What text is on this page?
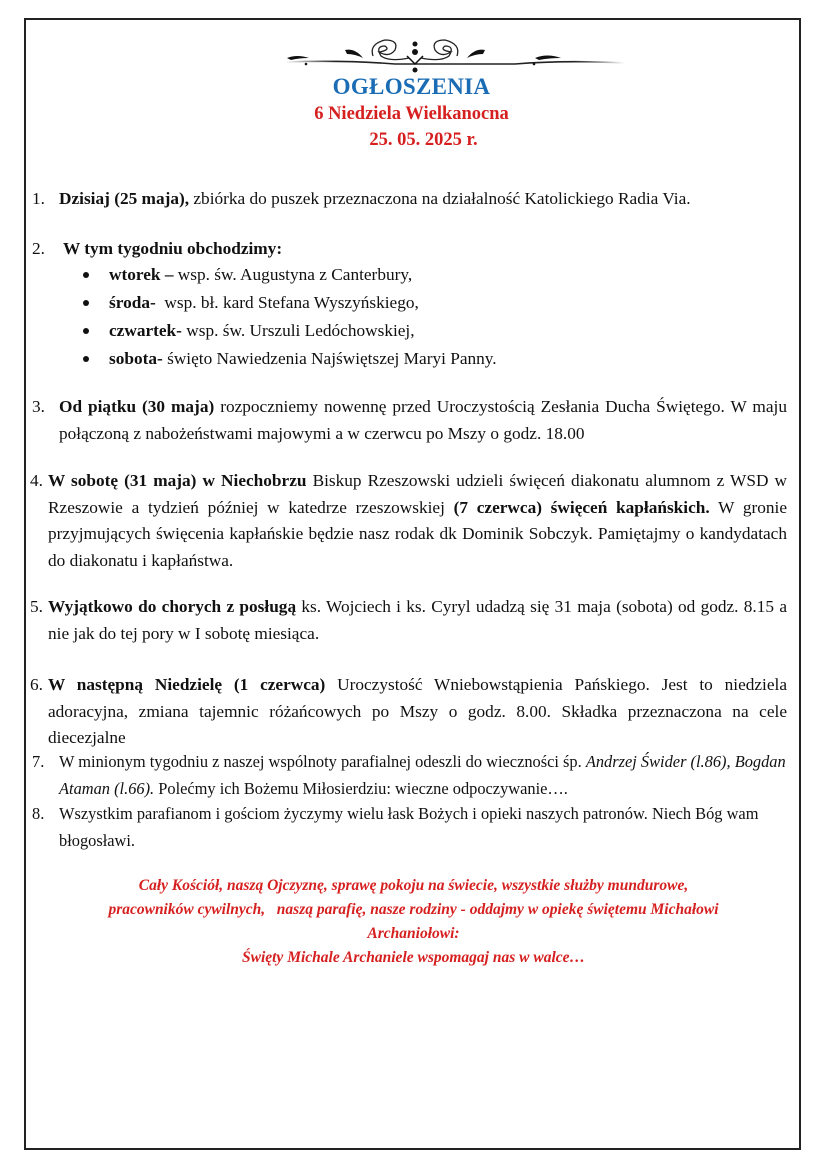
OGŁOSZENIA
6 Niedziela Wielkanocna
25. 05. 2025 r.
1. Dzisiaj (25 maja), zbiórka do puszek przeznaczona na działalność Katolickiego Radia Via.
2. W tym tygodniu obchodzimy:
wtorek – wsp. św. Augustyna z Canterbury,
środa-  wsp. bł. kard Stefana Wyszyńskiego,
czwartek- wsp. św. Urszuli Ledóchowskiej,
sobota- święto Nawiedzenia Najświętszej Maryi Panny.
3. Od piątku (30 maja) rozpoczniemy nowennę przed Uroczystością Zesłania Ducha Świętego. W maju połączoną z nabożeństwami majowymi a w czerwcu po Mszy o godz. 18.00
4. W sobotę (31 maja) w Niechobrzu Biskup Rzeszowski udzieli święceń diakonatu alumnom z WSD w Rzeszowie a tydzień później w katedrze rzeszowskiej (7 czerwca) święceń kapłańskich. W gronie przyjmujących święcenia kapłańskie będzie nasz rodak dk Dominik Sobczyk. Pamiętajmy o kandydatach do diakonatu i kapłaństwa.
5. Wyjątkowo do chorych z posługą ks. Wojciech i ks. Cyryl udadzą się 31 maja (sobota) od godz. 8.15 a nie jak do tej pory w I sobotę miesiąca.
6. W następną Niedzielę (1 czerwca) Uroczystość Wniebowstąpienia Pańskiego. Jest to niedziela adoracyjna, zmiana tajemnic różańcowych po Mszy o godz. 8.00. Składka przeznaczona na cele diecezjalne
7. W minionym tygodniu z naszej wspólnoty parafialnej odeszli do wieczności śp. Andrzej Świder (l.86), Bogdan Ataman (l.66). Polećmy ich Bożemu Miłosierdziu: wieczne odpoczywanie….
8. Wszystkim parafianom i gościom życzymy wielu łask Bożych i opieki naszych patronów. Niech Bóg wam błogosławi.
Cały Kościół, naszą Ojczyznę, sprawę pokoju na świecie, wszystkie służby mundurowe,
pracowników cywilnych,   naszą parafię, nasze rodziny - oddajmy w opiekę świętemu Michałowi
Archaniołowi:
Święty Michale Archaniele wspomagaj nas w walce…
